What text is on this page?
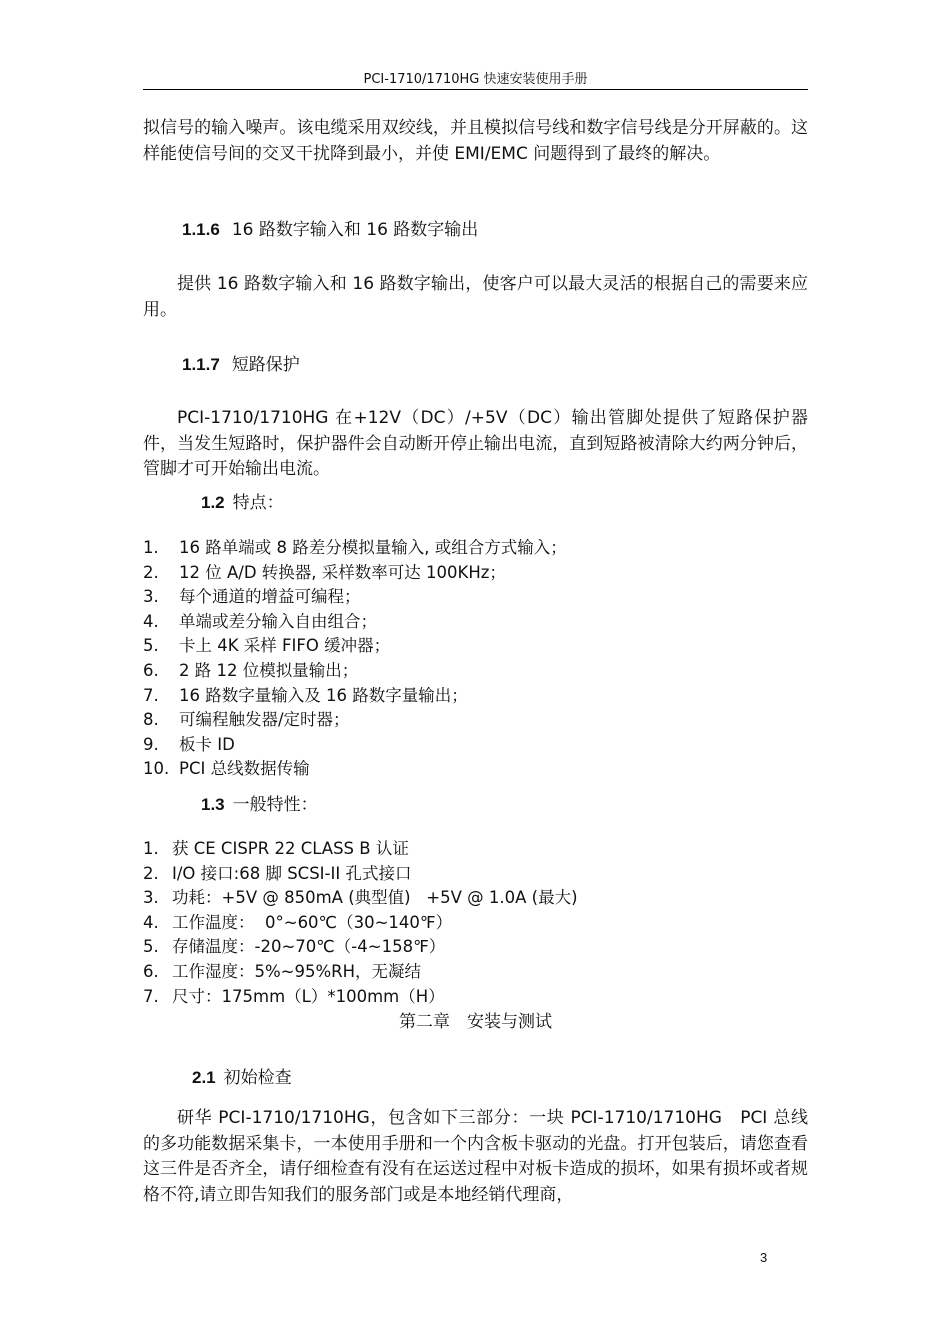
PCI-1710/1710HG 快速安装使用手册

拟信号的输入噪声。该电缆采用双绞线，并且模拟信号线和数字信号线是分开屏蔽的。这样能使信号间的交叉干扰降到最小，并使 EMI/EMC 问题得到了最终的解决。

1.1.6 16 路数字输入和 16 路数字输出

提供 16 路数字输入和 16 路数字输出，使客户可以最大灵活的根据自己的需要来应用。

1.1.7 短路保护

PCI-1710/1710HG 在+12V（DC）/+5V（DC）输出管脚处提供了短路保护器件，当发生短路时，保护器件会自动断开停止输出电流，直到短路被清除大约两分钟后，管脚才可开始输出电流。

1.2 特点：
1. 16 路单端或 8 路差分模拟量输入, 或组合方式输入；
2. 12 位 A/D 转换器, 采样数率可达 100KHz；
3. 每个通道的增益可编程；
4. 单端或差分输入自由组合；
5. 卡上 4K 采样 FIFO 缓冲器；
6. 2 路 12 位模拟量输出；
7. 16 路数字量输入及 16 路数字量输出；
8. 可编程触发器/定时器；
9. 板卡 ID
10. PCI 总线数据传输
1.3 一般特性：
1. 获 CE CISPR 22 CLASS B 认证
2. I/O 接口:68 脚 SCSI-II 孔式接口
3. 功耗：+5V @ 850mA (典型值)   +5V @ 1.0A (最大)
4. 工作温度：  0°~60℃（30~140℉）
5. 存储温度：-20~70℃（-4~158℉）
6. 工作湿度：5%~95%RH，无凝结
7. 尺寸：175mm（L）*100mm（H）
第二章　安装与测试
2.1 初始检查

研华 PCI-1710/1710HG，包含如下三部分：一块 PCI-1710/1710HG　PCI 总线的多功能数据采集卡，一本使用手册和一个内含板卡驱动的光盘。打开包装后，请您查看这三件是否齐全，请仔细检查有没有在运送过程中对板卡造成的损坏，如果有损坏或者规格不符,请立即告知我们的服务部门或是本地经销代理商，

3
